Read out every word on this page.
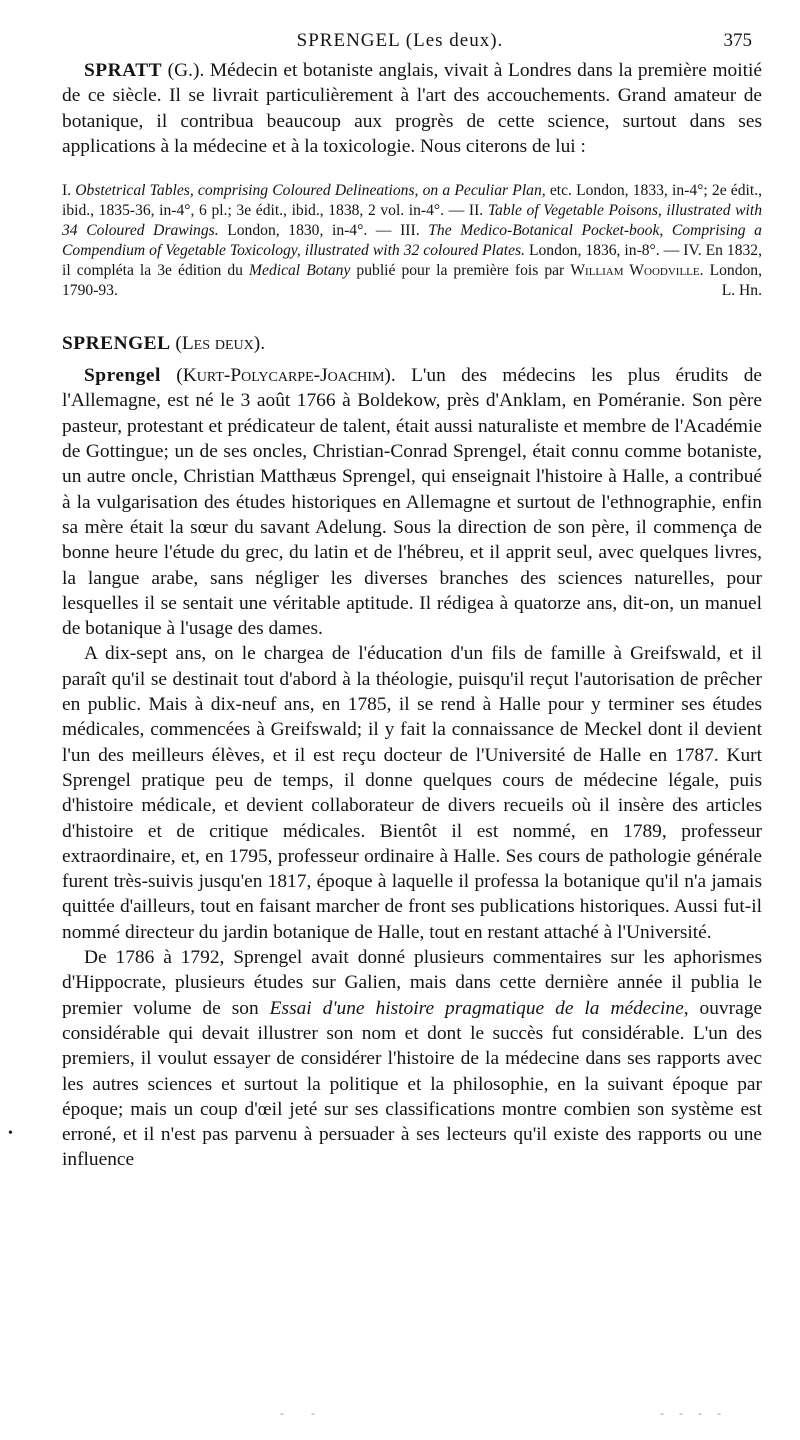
SPRENGEL (Les deux).	375

SPRATT (G.). Médecin et botaniste anglais, vivait à Londres dans la première moitié de ce siècle. Il se livrait particulièrement à l'art des accouchements. Grand amateur de botanique, il contribua beaucoup aux progrès de cette science, surtout dans ses applications à la médecine et à la toxicologie. Nous citerons de lui :

I. Obstetrical Tables, comprising Coloured Delineations, on a Peculiar Plan, etc. London, 1833, in-4°; 2e édit., ibid., 1835-36, in-4°, 6 pl.; 3e édit., ibid., 1838, 2 vol. in-4°. — II. Table of Vegetable Poisons, illustrated with 34 Coloured Drawings. London, 1830, in-4°. — III. The Medico-Botanical Pocket-book, Comprising a Compendium of Vegetable Toxicology, illustrated with 32 coloured Plates. London, 1836, in-8°. — IV. En 1832, il compléta la 3e édition du Medical Botany publié pour la première fois par William Woodville. London, 1790-93.	L. Hn.

SPRENGEL (Les deux).

Sprengel (Kurt-Polycarpe-Joachim). L'un des médecins les plus érudits de l'Allemagne, est né le 3 août 1766 à Boldekow, près d'Anklam, en Poméranie. Son père pasteur, protestant et prédicateur de talent, était aussi naturaliste et membre de l'Académie de Gottingue; un de ses oncles, Christian-Conrad Sprengel, était connu comme botaniste, un autre oncle, Christian Matthæus Sprengel, qui enseignait l'histoire à Halle, a contribué à la vulgarisation des études historiques en Allemagne et surtout de l'ethnographie, enfin sa mère était la sœur du savant Adelung. Sous la direction de son père, il commença de bonne heure l'étude du grec, du latin et de l'hébreu, et il apprit seul, avec quelques livres, la langue arabe, sans négliger les diverses branches des sciences naturelles, pour lesquelles il se sentait une véritable aptitude. Il rédigea à quatorze ans, dit-on, un manuel de botanique à l'usage des dames.

A dix-sept ans, on le chargea de l'éducation d'un fils de famille à Greifswald, et il paraît qu'il se destinait tout d'abord à la théologie, puisqu'il reçut l'autorisation de prêcher en public. Mais à dix-neuf ans, en 1785, il se rend à Halle pour y terminer ses études médicales, commencées à Greifswald; il y fait la connaissance de Meckel dont il devient l'un des meilleurs élèves, et il est reçu docteur de l'Université de Halle en 1787. Kurt Sprengel pratique peu de temps, il donne quelques cours de médecine légale, puis d'histoire médicale, et devient collaborateur de divers recueils où il insère des articles d'histoire et de critique médicales. Bientôt il est nommé, en 1789, professeur extraordinaire, et, en 1795, professeur ordinaire à Halle. Ses cours de pathologie générale furent très-suivis jusqu'en 1817, époque à laquelle il professa la botanique qu'il n'a jamais quittée d'ailleurs, tout en faisant marcher de front ses publications historiques. Aussi fut-il nommé directeur du jardin botanique de Halle, tout en restant attaché à l'Université.

De 1786 à 1792, Sprengel avait donné plusieurs commentaires sur les aphorismes d'Hippocrate, plusieurs études sur Galien, mais dans cette dernière année il publia le premier volume de son Essai d'une histoire pragmatique de la médecine, ouvrage considérable qui devait illustrer son nom et dont le succès fut considérable. L'un des premiers, il voulut essayer de considérer l'histoire de la médecine dans ses rapports avec les autres sciences et surtout la politique et la philosophie, en la suivant époque par époque; mais un coup d'œil jeté sur ses classifications montre combien son système est erroné, et il n'est pas parvenu à persuader à ses lecteurs qu'il existe des rapports ou une influence

•
- -	- - - -
